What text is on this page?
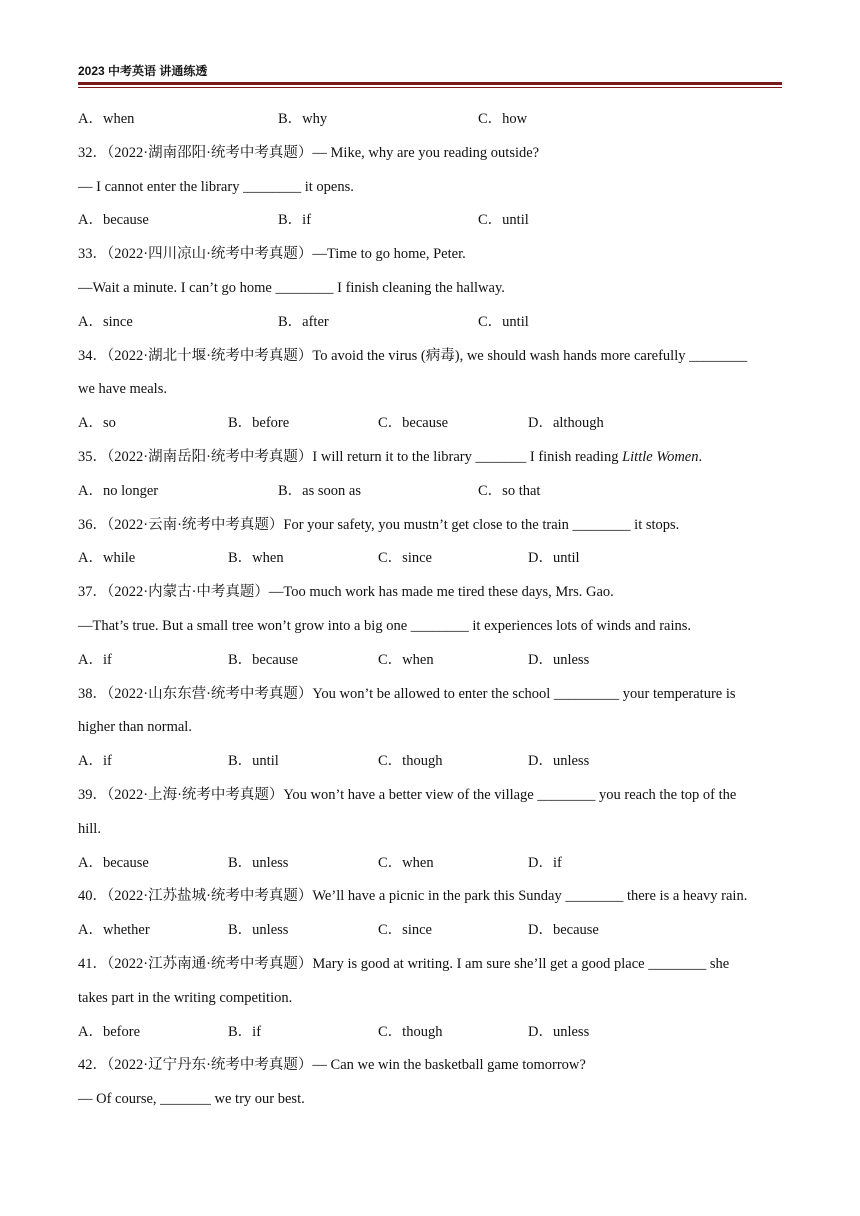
2023 中考英语 讲通练透
A．when	B．why	C．how
32．（2022·湖南邵阳·统考中考真题）— Mike, why are you reading outside?
— I cannot enter the library ________ it opens.
A．because	B．if	C．until
33．（2022·四川凉山·统考中考真题）—Time to go home, Peter.
—Wait a minute. I can’t go home ________ I finish cleaning the hallway.
A．since	B．after	C．until
34．（2022·湖北十堰·统考中考真题）To avoid the virus (病毒), we should wash hands more carefully ________
we have meals.
A．so	B．before	C．because	D．although
35．（2022·湖南岳阳·统考中考真题）I will return it to the library _______ I finish reading Little Women.
A．no longer	B．as soon as	C．so that
36．（2022·云南·统考中考真题）For your safety, you mustn’t get close to the train ________ it stops.
A．while	B．when	C．since	D．until
37．（2022·内蒙古·中考真题）—Too much work has made me tired these days, Mrs. Gao.
—That’s true. But a small tree won’t grow into a big one ________ it experiences lots of winds and rains.
A．if	B．because	C．when	D．unless
38．（2022·山东东营·统考中考真题）You won’t be allowed to enter the school _________ your temperature is
higher than normal.
A．if	B．until	C．though	D．unless
39．（2022·上海·统考中考真题）You won’t have a better view of the village ________ you reach the top of the
hill.
A．because	B．unless	C．when	D．if
40．（2022·江苏盐城·统考中考真题）We’ll have a picnic in the park this Sunday ________ there is a heavy rain.
A．whether	B．unless	C．since	D．because
41．（2022·江苏南通·统考中考真题）Mary is good at writing. I am sure she’ll get a good place ________ she
takes part in the writing competition.
A．before	B．if	C．though	D．unless
42．（2022·辽宁丹东·统考中考真题）— Can we win the basketball game tomorrow?
— Of course, _______ we try our best.
